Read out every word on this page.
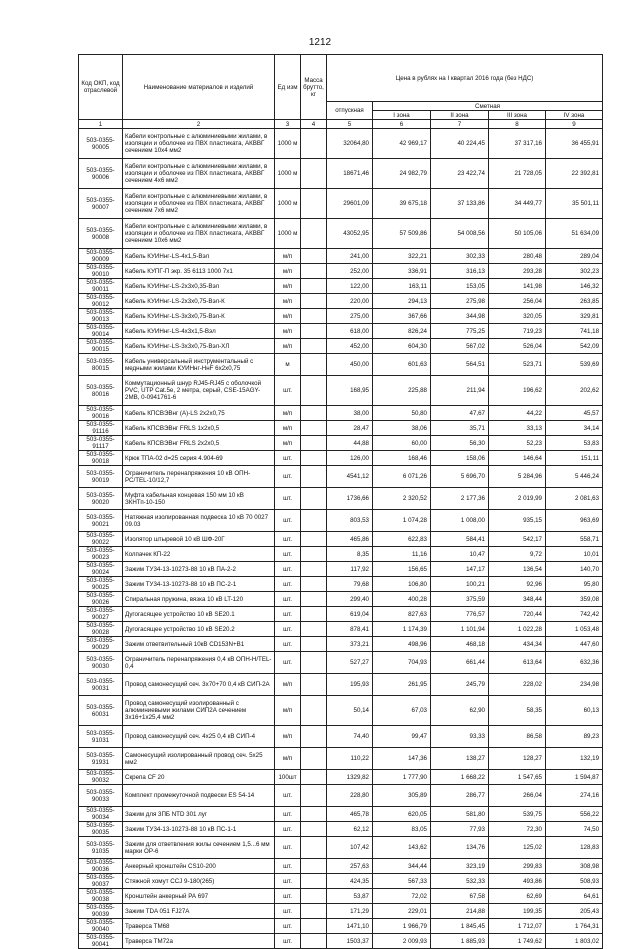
1212
Код ОКП, код отраслевой	Наименование материалов и изделий	Ед изм	Масса брутто, кг	Цена в рублях на I квартал 2016 года (без НДС)				
				отпускная	Сметная			
					I зона	II зона	III зона	IV зона
1	2	3	4	5	6	7	8	9
503-0355-90005	Кабели контрольные с алюминиевыми жилами, в изоляции и оболочке из ПВХ пластиката, АКВВГ сечением 10х4 мм2	1000 м		32064,80	42 969,17	40 224,45	37 317,16	36 455,91
503-0355-90006	Кабели контрольные с алюминиевыми жилами, в изоляции и оболочке из ПВХ пластиката, АКВВГ сечением 4х6 мм2	1000 м		18671,46	24 982,79	23 422,74	21 728,05	22 392,81
503-0355-90007	Кабели контрольные с алюминиевыми жилами, в изоляции и оболочке из ПВХ пластиката, АКВВГ сечением 7х6 мм2	1000 м		29601,09	39 675,18	37 133,86	34 449,77	35 501,11
503-0355-90008	Кабели контрольные с алюминиевыми жилами, в изоляции и оболочке из ПВХ пластиката, АКВВГ сечением 10х6 мм2	1000 м		43052,95	57 509,86	54 008,56	50 105,06	51 634,09
503-0355-90009	Кабель КУИНнг-LS-4х1,5-Вэл	м/п		241,00	322,21	302,33	280,48	289,04
503-0355-90010	Кабель КУПГ-П экр. 35 6113 1000 7х1	м/п		252,00	336,91	316,13	293,28	302,23
503-0355-90011	Кабель КУИНнг-LS-2х3х0,35-Вэл	м/п		122,00	163,11	153,05	141,98	146,32
503-0355-90012	Кабель КУИНнг-LS-2х3х0,75-Вэл-К	м/п		220,00	294,13	275,98	256,04	263,85
503-0355-90013	Кабель КУИНнг-LS-3х3х0,75-Вэл-К	м/п		275,00	367,66	344,98	320,05	329,81
503-0355-90014	Кабель КУИНнг-LS-4х3х1,5-Вэл	м/п		618,00	826,24	775,25	719,23	741,18
503-0355-90015	Кабель КУИНнг-LS-3х3х0,75-Вэл-ХЛ	м/п		452,00	604,30	567,02	526,04	542,09
503-0355-80015	Кабель универсальный инструментальный с медными жилами КУИНнг-HнF 6х2х0,75	м		450,00	601,63	564,51	523,71	539,69
503-0355-80016	Коммутационный шнур RJ45-RJ45 с оболочкой PVC, UTP Cat.5e, 2 метра, серый, CSE-15AGY-2MB, 0-0941761-6	шт.		168,95	225,88	211,94	196,62	202,62
503-0355-90016	Кабель КПСВЭВнг (А)-LS 2х2х0,75	м/п		38,00	50,80	47,67	44,22	45,57
503-0355-91116	Кабель КПСВЭВнг FRLS 1х2х0,5	м/п		28,47	38,06	35,71	33,13	34,14
503-0355-91117	Кабель КПСВЭВнг FRLS 2х2х0,5	м/п		44,88	60,00	56,30	52,23	53,83
503-0355-90018	Крюк ТПА-02 d=25 серия 4.904-69	шт.		126,00	168,46	158,06	146,64	151,11
503-0355-90019	Ограничитель перенапряжения 10 кВ ОПН-РС/TEL-10/12,7	шт.		4541,12	6 071,26	5 696,70	5 284,96	5 446,24
503-0355-90020	Муфта кабельная концевая 150 мм 10 кВ ЗКНТп-10-150	шт.		1736,66	2 320,52	2 177,36	2 019,99	2 081,63
503-0355-90021	Натяжная изолированная подвеска 10 кВ 70 0027 09.03	шт.		803,53	1 074,28	1 008,00	935,15	963,69
503-0355-90022	Изолятор штыревой 10 кВ ШФ-20Г	шт.		465,86	622,83	584,41	542,17	558,71
503-0355-90023	Колпачек КП-22	шт.		8,35	11,16	10,47	9,72	10,01
503-0355-90024	Зажим ТУ34-13-10273-88 10 кВ ПА-2-2	шт.		117,92	156,65	147,17	136,54	140,70
503-0355-90025	Зажим ТУ34-13-10273-88 10 кВ ПС-2-1	шт.		79,68	106,80	100,21	92,96	95,80
503-0355-90026	Спиральная пружина, вязка 10 кВ LT-120	шт.		299,40	400,28	375,59	348,44	359,08
503-0355-90027	Дугогасящее устройство 10 кВ SE20.1	шт.		619,04	827,63	776,57	720,44	742,42
503-0355-90028	Дугогасящее устройство 10 кВ SE20.2	шт.		878,41	1 174,39	1 101,94	1 022,28	1 053,48
503-0355-90029	Зажим ответвительный 10кВ CD153N+В1	шт.		373,21	498,96	468,18	434,34	447,60
503-0355-90030	Ограничитель перенапряжения 0,4 кВ ОПН-Н/TEL-0,4	шт.		527,27	704,93	661,44	613,64	632,36
503-0355-90031	Провод самонесущий сеч. 3х70+70 0,4 кВ СИП-2А	м/п		195,93	261,95	245,79	228,02	234,98
503-0355-60031	Провод самонесущий изолированный с алюминиевыми жилами СИП2А сечением 3х16+1х25,4 мм2	м/п		50,14	67,03	62,90	58,35	60,13
503-0355-91031	Провод самонесущий сеч. 4х25 0,4 кВ СИП-4	м/п		74,40	99,47	93,33	86,58	89,23
503-0355-91931	Самонесущий изолированный провод сеч. 5х25 мм2	м/п		110,22	147,36	138,27	128,27	132,19
503-0355-90032	Скрепа CF 20	100шт		1329,82	1 777,90	1 668,22	1 547,65	1 594,87
503-0355-90033	Комплект промежуточной подвески ES 54-14	шт.		228,80	305,89	286,77	266,04	274,16
503-0355-90034	Зажим для 3ПБ NTD 301 луг	шт.		465,78	620,05	581,80	539,75	556,22
503-0355-90035	Зажим ТУ34-13-10273-88 10 кВ ПС-1-1	шт.		62,12	83,05	77,93	72,30	74,50
503-0355-91035	Зажим для ответвления жилы сечением 1,5...6 мм марки ОР-6	шт.		107,42	143,62	134,76	125,02	128,83
503-0355-90036	Анкерный кронштейн CS10-200	шт.		257,63	344,44	323,19	299,83	308,98
503-0355-90037	Стяжной хомут CCJ 9-180(265)	шт.		424,35	567,33	532,33	493,86	508,93
503-0355-90038	Кронштейн анкерный РА 697	шт.		53,87	72,02	67,58	62,69	64,61
503-0355-90039	Зажим TDA 051 FJ27A	шт.		171,29	229,01	214,88	199,35	205,43
503-0355-90040	Траверса ТМ68	шт.		1471,10	1 966,79	1 845,45	1 712,07	1 764,31
503-0355-90041	Траверса ТМ72а	шт.		1503,37	2 009,93	1 885,93	1 749,62	1 803,02
